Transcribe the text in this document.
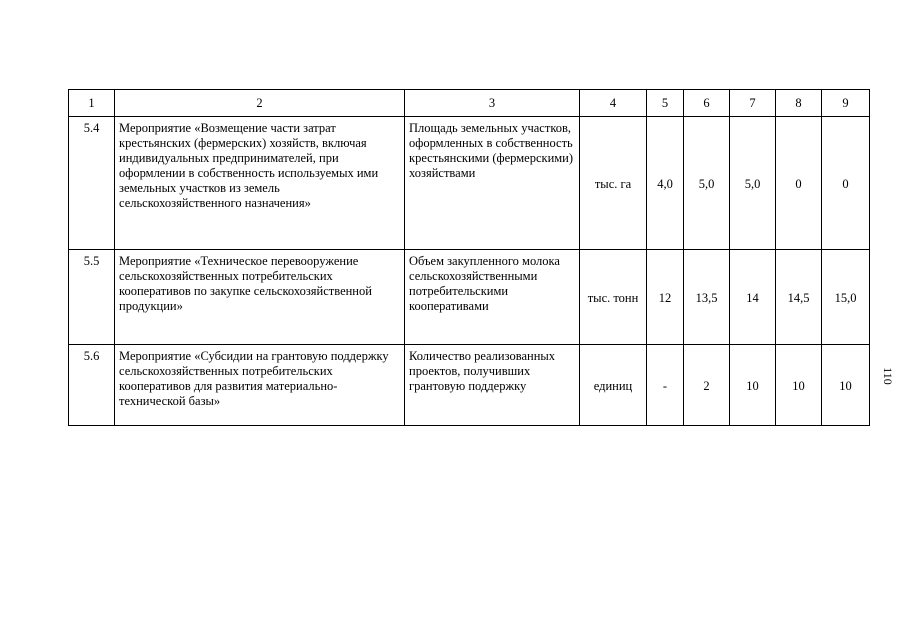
1	2	3	4	5	6	7	8	9
5.4	Мероприятие «Возмещение части затрат крестьянских (фермерских) хозяйств, включая индивидуальных предпринимателей, при оформлении в собственность используемых ими земельных участков из земель сельскохозяйственного назначения»	Площадь земельных участков, оформленных в собственность крестьянскими (фермерскими) хозяйствами	тыс. га	4,0	5,0	5,0	0	0
5.5	Мероприятие «Техническое перевооружение сельскохозяйственных потребительских кооперативов по закупке сельскохозяйственной продукции»	Объем закупленного молока сельскохозяйственными потребительскими кооперативами	тыс. тонн	12	13,5	14	14,5	15,0
5.6	Мероприятие «Субсидии на грантовую поддержку сельскохозяйственных потребительских кооперативов для развития материально-технической базы»	Количество реализованных проектов, получивших грантовую поддержку	единиц	-	2	10	10	10
110
